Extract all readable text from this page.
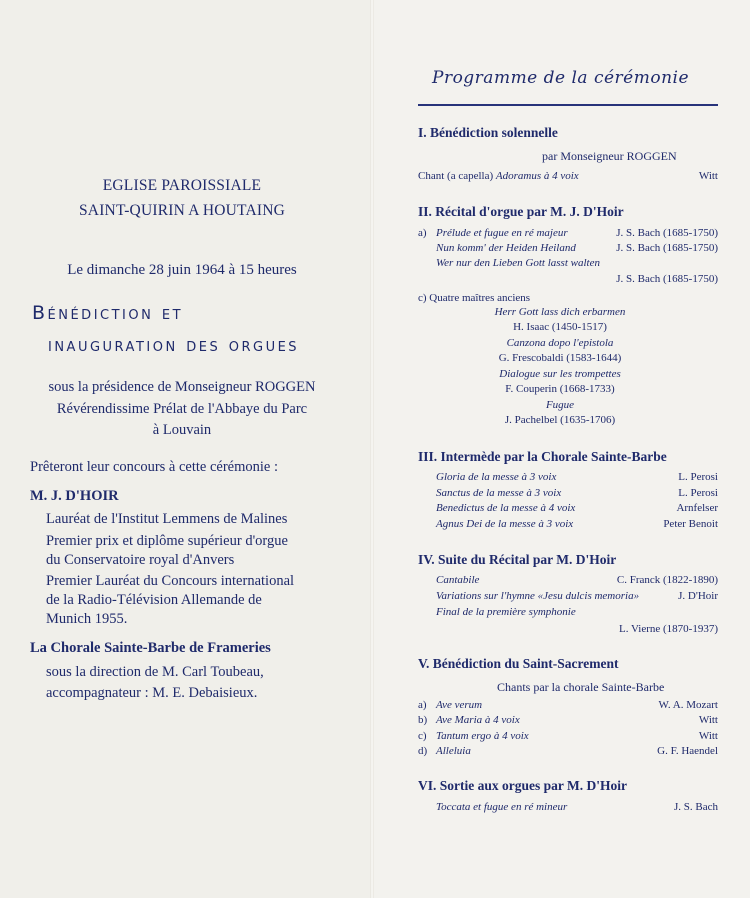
EGLISE PAROISSIALE
SAINT-QUIRIN A HOUTAING
Le dimanche 28 juin 1964 à 15 heures
Bénédiction et
inauguration des orgues
sous la présidence de Monseigneur ROGGEN
Révérendissime Prélat de l'Abbaye du Parc
à Louvain
Prêteront leur concours à cette cérémonie :
M. J. D'HOIR
Lauréat de l'Institut Lemmens de Malines
Premier prix et diplôme supérieur d'orgue
du Conservatoire royal d'Anvers
Premier Lauréat du Concours international
de la Radio-Télévision Allemande de
Munich 1955.
La Chorale Sainte-Barbe de Frameries
sous la direction de M. Carl Toubeau,
accompagnateur : M. E. Debaisieux.
Programme de la cérémonie
I. Bénédiction solennelle
par Monseigneur ROGGEN
Chant (a capella) Adoramus à 4 voix	Witt
II. Récital d'orgue par M. J. D'Hoir
a) Prélude et fugue en ré majeur	J. S. Bach (1685-1750)
Nun komm' der Heiden Heiland	J. S. Bach (1685-1750)
Wer nur den Lieben Gott lasst walten
J. S. Bach (1685-1750)
c) Quatre maîtres anciens
Herr Gott lass dich erbarmen
H. Isaac (1450-1517)
Canzona dopo l'epistola
G. Frescobaldi (1583-1644)
Dialogue sur les trompettes
F. Couperin (1668-1733)
Fugue
J. Pachelbel (1635-1706)
III. Intermède par la Chorale Sainte-Barbe
Gloria de la messe à 3 voix	L. Perosi
Sanctus de la messe à 3 voix	L. Perosi
Benedictus de la messe à 4 voix	Arnfelser
Agnus Dei de la messe à 3 voix	Peter Benoit
IV. Suite du Récital par M. D'Hoir
Cantabile	C. Franck (1822-1890)
Variations sur l'hymne «Jesu dulcis memoria»	J. D'Hoir
Final de la première symphonie
L. Vierne (1870-1937)
V. Bénédiction du Saint-Sacrement
Chants par la chorale Sainte-Barbe
a) Ave verum	W. A. Mozart
b) Ave Maria à 4 voix	Witt
c) Tantum ergo à 4 voix	Witt
d) Alleluia	G. F. Haendel
VI. Sortie aux orgues par M. D'Hoir
Toccata et fugue en ré mineur	J. S. Bach
